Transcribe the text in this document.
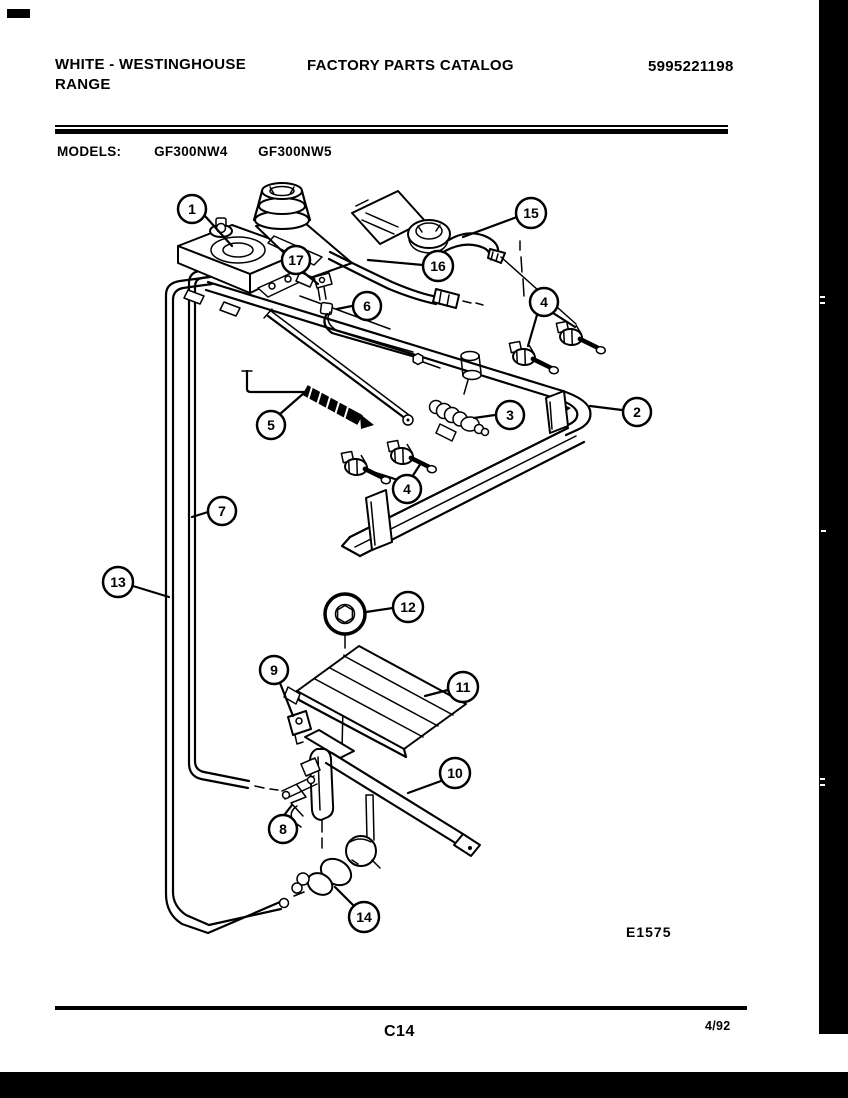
WHITE - WESTINGHOUSE
RANGE
FACTORY PARTS CATALOG	5995221198
MODELS: GF300NW4 GF300NW5
1	15
17	16
6	4
2
3
5
4
7
13
12
9
11
10
8
14
E1575
C14	4/92
